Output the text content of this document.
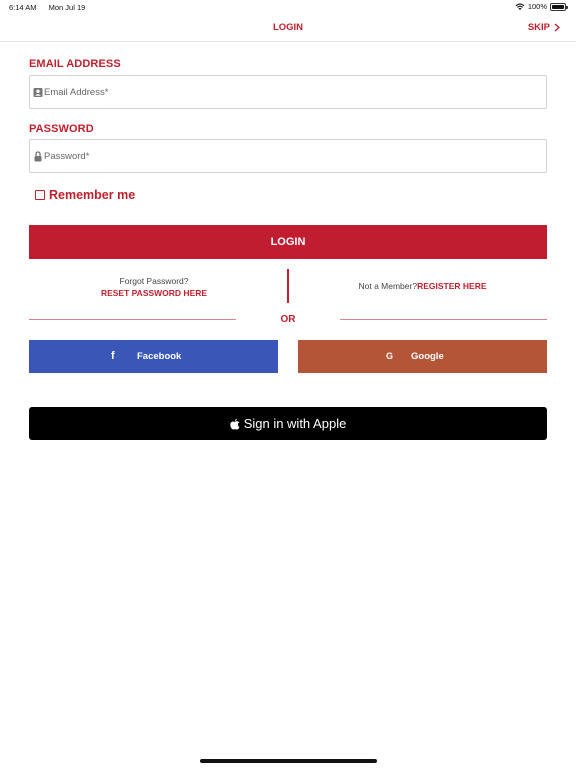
6:14 AM Mon Jul 19	100%
LOGIN	SKIP
EMAIL ADDRESS
Email Address*
PASSWORD
Remember me
LOGIN
Forgot Password?
RESET PASSWORD HERE
Not a Member?REGISTER HERE
OR
f Facebook	G Google
Sign in with Apple
